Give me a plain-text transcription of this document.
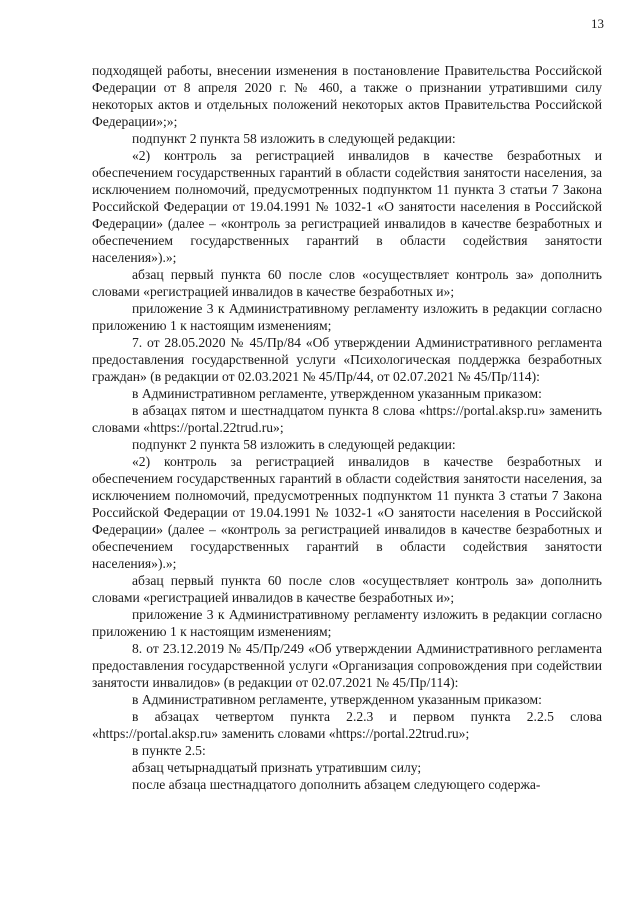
13

подходящей работы, внесении изменения в постановление Правительства Российской Федерации от 8 апреля 2020 г. № 460, а также о признании утратившими силу некоторых актов и отдельных положений некоторых актов Правительства Российской Федерации»;»;

подпункт 2 пункта 58 изложить в следующей редакции:

«2) контроль за регистрацией инвалидов в качестве безработных и обеспечением государственных гарантий в области содействия занятости населения, за исключением полномочий, предусмотренных подпунктом 11 пункта 3 статьи 7 Закона Российской Федерации от 19.04.1991 № 1032-1 «О занятости населения в Российской Федерации» (далее – «контроль за регистрацией инвалидов в качестве безработных и обеспечением государственных гарантий в области содействия занятости населения»).»;

абзац первый пункта 60 после слов «осуществляет контроль за» дополнить словами «регистрацией инвалидов в качестве безработных и»;

приложение 3 к Административному регламенту изложить в редакции согласно приложению 1 к настоящим изменениям;

7. от 28.05.2020 № 45/Пр/84 «Об утверждении Административного регламента предоставления государственной услуги «Психологическая поддержка безработных граждан» (в редакции от 02.03.2021 № 45/Пр/44, от 02.07.2021 № 45/Пр/114):

в Административном регламенте, утвержденном указанным приказом:

в абзацах пятом и шестнадцатом пункта 8 слова «https://portal.aksp.ru» заменить словами «https://portal.22trud.ru»;

подпункт 2 пункта 58 изложить в следующей редакции:

«2) контроль за регистрацией инвалидов в качестве безработных и обеспечением государственных гарантий в области содействия занятости населения, за исключением полномочий, предусмотренных подпунктом 11 пункта 3 статьи 7 Закона Российской Федерации от 19.04.1991 № 1032-1 «О занятости населения в Российской Федерации» (далее – «контроль за регистрацией инвалидов в качестве безработных и обеспечением государственных гарантий в области содействия занятости населения»).»;

абзац первый пункта 60 после слов «осуществляет контроль за» дополнить словами «регистрацией инвалидов в качестве безработных и»;

приложение 3 к Административному регламенту изложить в редакции согласно приложению 1 к настоящим изменениям;

8. от 23.12.2019 № 45/Пр/249 «Об утверждении Административного регламента предоставления государственной услуги «Организация сопровождения при содействии занятости инвалидов» (в редакции от 02.07.2021 № 45/Пр/114):

в Административном регламенте, утвержденном указанным приказом:

в абзацах четвертом пункта 2.2.3 и первом пункта 2.2.5 слова «https://portal.aksp.ru» заменить словами «https://portal.22trud.ru»;

в пункте 2.5:

абзац четырнадцатый признать утратившим силу;

после абзаца шестнадцатого дополнить абзацем следующего содержа-
